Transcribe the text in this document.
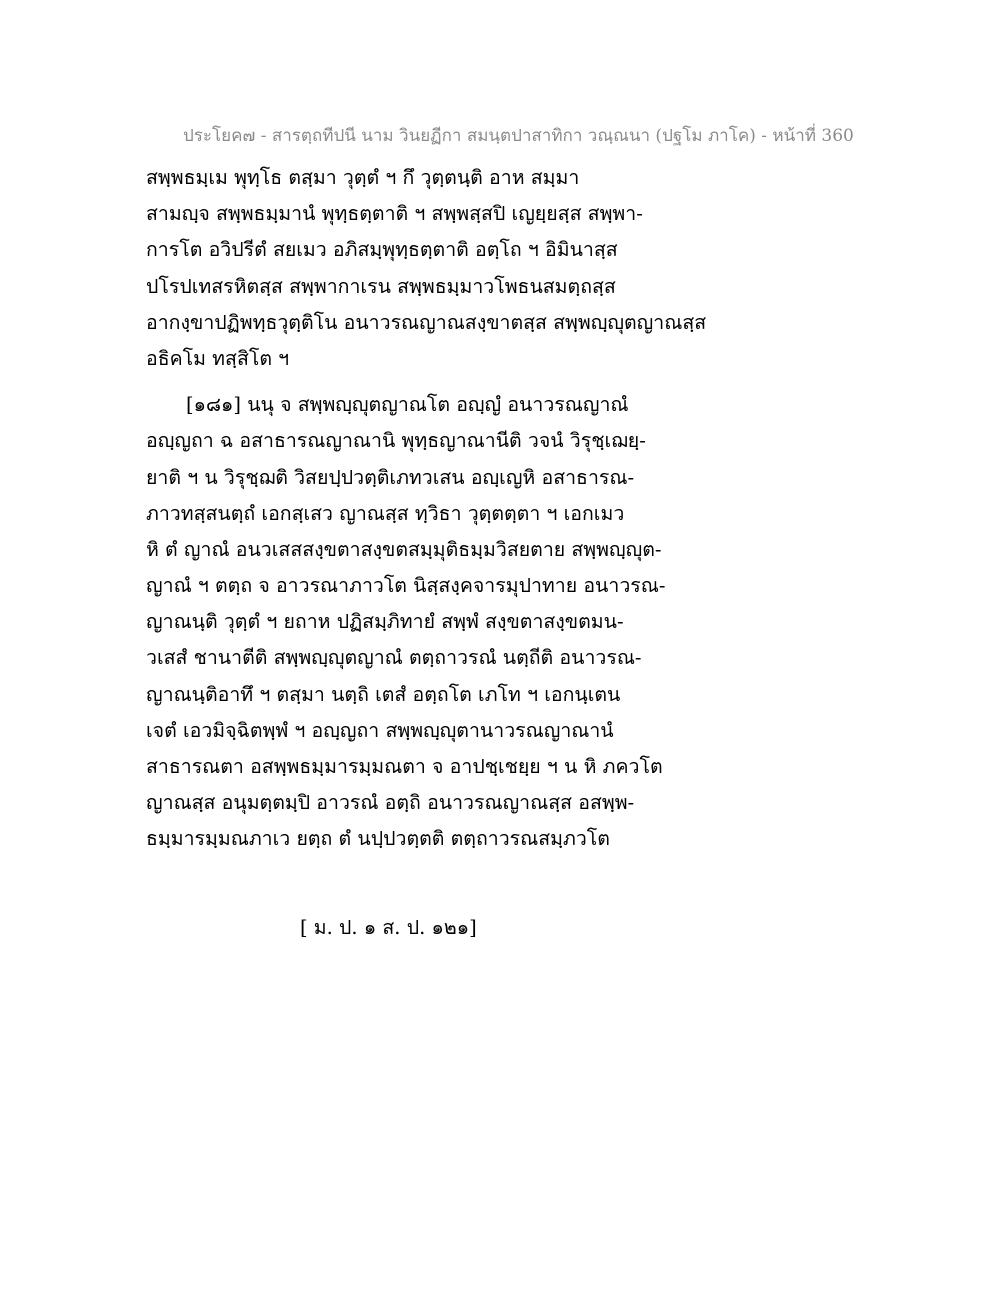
ประโยค๗ - สารตฺถทีปนี นาม วินยฏีกา สมนฺตปาสาทิกา วณฺณนา (ปฐโม ภาโค) - หน้าที่ 360
สพฺพธมฺเม พุทฺโธ ตสฺมา วุตฺตํ ฯ กึ วุตฺตนฺติ อาห สมฺมา
สามญฺจ สพฺพธมฺมานํ พุทฺธตฺตาติ ฯ สพฺพสฺสปิ เญยฺยสฺส สพฺพา-
การโต อวิปรีตํ สยเมว อภิสมฺพุทฺธตฺตาติ อตฺโถ ฯ อิมินาสฺส
ปโรปเทสรหิตสฺส สพฺพากาเรน สพฺพธมฺมาวโพธนสมตฺถสฺส
อากงฺขาปฏิพทฺธวุตฺติโน อนาวรณญาณสงฺขาตสฺส สพฺพญฺญุตญาณสฺส
อธิคโม ทสฺสิโต ฯ
[๑๘๑] นนุ จ สพฺพญฺญุตญาณโต อญฺญํ อนาวรณญาณํ
อญฺญถา ฉ อสาธารณญาณานิ พุทฺธญาณานีติ วจนํ วิรุชฺเฌยฺ-
ยาติ ฯ น วิรุชฺฌติ วิสยปฺปวตฺติเภทวเสน อญฺเญหิ อสาธารณ-
ภาวทสฺสนตฺถํ เอกสฺเสว ญาณสฺส ทฺวิธา วุตฺตตฺตา ฯ เอกเมว
หิ ตํ ญาณํ อนวเสสสงฺขตาสงฺขตสมฺมุติธมฺมวิสยตาย สพฺพญฺญุต-
ญาณํ ฯ ตตฺถ จ อาวรณาภาวโต นิสฺสงฺคจารมุปาทาย อนาวรณ-
ญาณนฺติ วุตฺตํ ฯ ยถาห ปฏิสมฺภิทายํ สพฺพํ สงฺขตาสงฺขตมน-
วเสสํ ชานาตีติ สพฺพญฺญุตญาณํ ตตฺถาวรณํ นตฺถีติ อนาวรณ-
ญาณนฺติอาทึ ฯ ตสฺมา นตฺถิ เตสํ อตฺถโต เภโท ฯ เอกนฺเตน
เจตํ เอวมิจฺฉิตพฺพํ ฯ อญฺญถา สพฺพญฺญุตานาวรณญาณานํ
สาธารณตา อสพฺพธมฺมารมฺมณตา จ อาปชฺเชยฺย ฯ น หิ ภควโต
ญาณสฺส อนุมตฺตมฺปิ อาวรณํ อตฺถิ อนาวรณญาณสฺส อสพฺพ-
ธมฺมารมฺมณภาเว ยตฺถ ตํ นปฺปวตฺตติ ตตฺถาวรณสมฺภวโต
[ ม. ป. ๑ ส. ป. ๑๒๑]
